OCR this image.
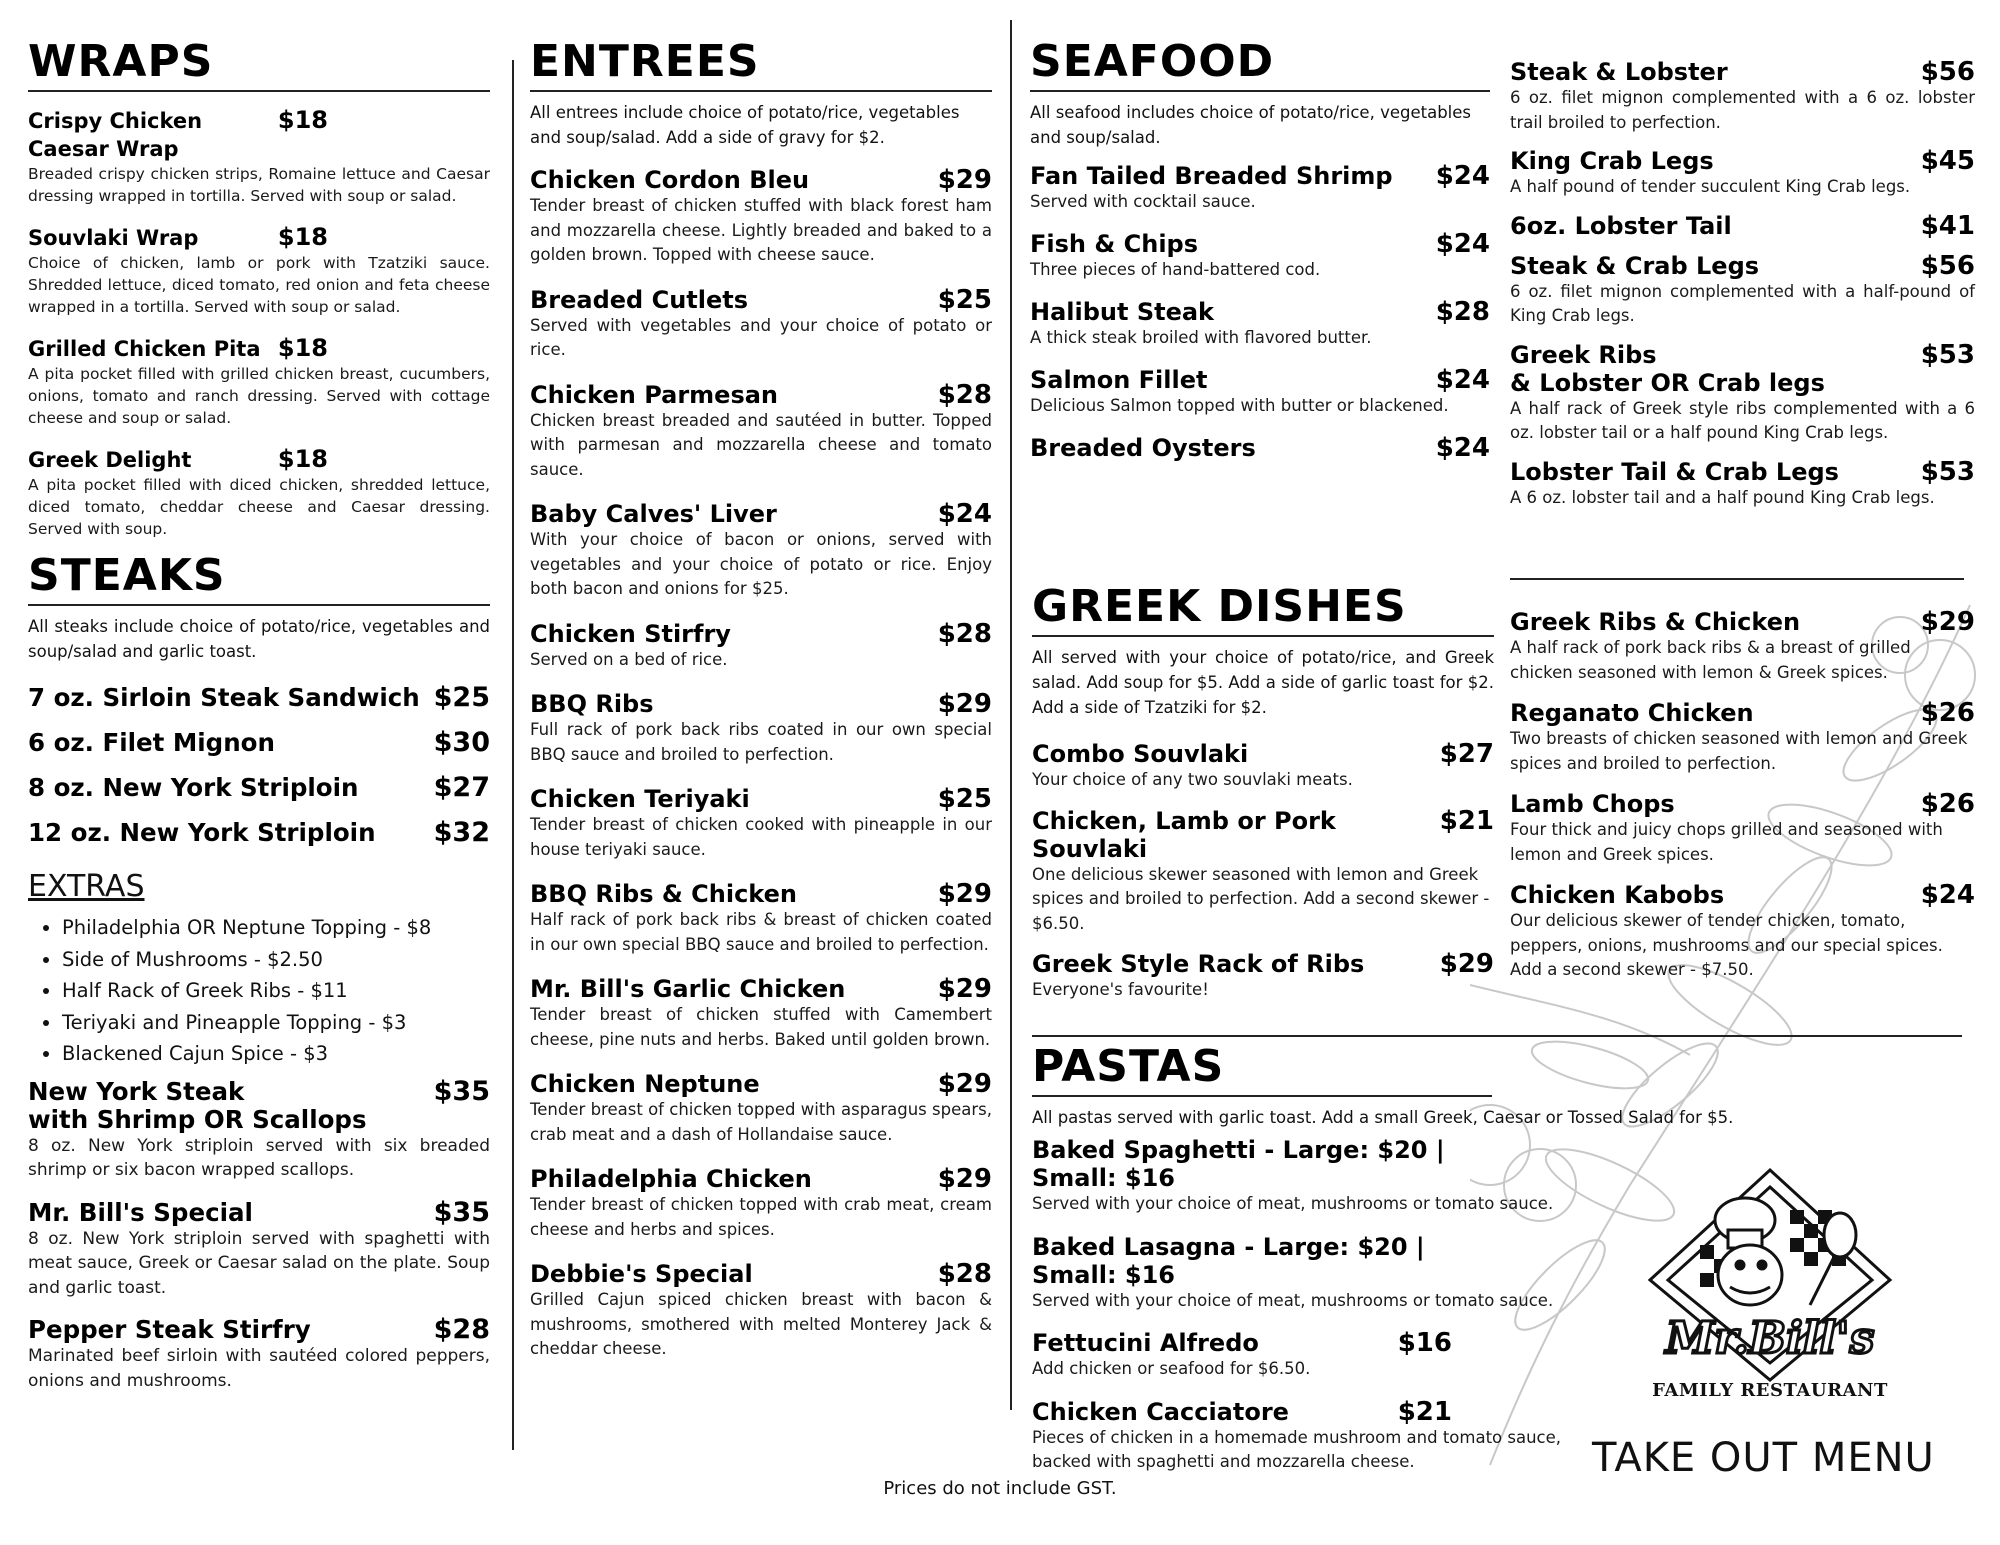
WRAPS
Crispy Chicken Caesar Wrap
$18
Breaded crispy chicken strips, Romaine lettuce and Caesar dressing wrapped in tortilla. Served with soup or salad.
Souvlaki Wrap	$18
Choice of chicken, lamb or pork with Tzatziki sauce. Shredded lettuce, diced tomato, red onion and feta cheese wrapped in a tortilla. Served with soup or salad.
Grilled Chicken Pita $18
A pita pocket filled with grilled chicken breast, cucumbers, onions, tomato and ranch dressing. Served with cottage cheese and soup or salad.
Greek Delight	$18
A pita pocket filled with diced chicken, shredded lettuce, diced tomato, cheddar cheese and Caesar dressing. Served with soup.
STEAKS
All steaks include choice of potato/rice, vegetables and soup/salad and garlic toast.
7 oz. Sirloin Steak Sandwich $25
6 oz. Filet Mignon	$30
8 oz. New York Striploin	$27
12 oz. New York Striploin $32
EXTRAS
• Philadelphia OR Neptune Topping - $8
• Side of Mushrooms - $2.50
• Half Rack of Greek Ribs - $11
• Teriyaki and Pineapple Topping - $3
• Blackened Cajun Spice - $3
New York Steak
with Shrimp OR Scallops
$35
8 oz. New York striploin served with six breaded shrimp or six bacon wrapped scallops.
Mr. Bill's Special	$35
8 oz. New York striploin served with spaghetti with meat sauce, Greek or Caesar salad on the plate. Soup and garlic toast.
Pepper Steak Stirfry	$28
Marinated beef sirloin with sautéed colored peppers, onions and mushrooms.
ENTREES
All entrees include choice of potato/rice, vegetables and soup/salad. Add a side of gravy for $2.
Chicken Cordon Bleu	$29
Tender breast of chicken stuffed with black forest ham and mozzarella cheese. Lightly breaded and baked to a golden brown. Topped with cheese sauce.
Breaded Cutlets	$25
Served with vegetables and your choice of potato or rice.
Chicken Parmesan	$28
Chicken breast breaded and sautéed in butter. Topped with parmesan and mozzarella cheese and tomato sauce.
Baby Calves' Liver	$24
With your choice of bacon or onions, served with vegetables and your choice of potato or rice. Enjoy both bacon and onions for $25.
Chicken Stirfry	$28
Served on a bed of rice.
BBQ Ribs	$29
Full rack of pork back ribs coated in our own special BBQ sauce and broiled to perfection.
Chicken Teriyaki	$25
Tender breast of chicken cooked with pineapple in our house teriyaki sauce.
BBQ Ribs & Chicken	$29
Half rack of pork back ribs & breast of chicken coated in our own special BBQ sauce and broiled to perfection.
Mr. Bill's Garlic Chicken	$29
Tender breast of chicken stuffed with Camembert cheese, pine nuts and herbs. Baked until golden brown.
Chicken Neptune	$29
Tender breast of chicken topped with asparagus spears, crab meat and a dash of Hollandaise sauce.
Philadelphia Chicken	$29
Tender breast of chicken topped with crab meat, cream cheese and herbs and spices.
Debbie's Special	$28
Grilled Cajun spiced chicken breast with bacon & mushrooms, smothered with melted Monterey Jack & cheddar cheese.
SEAFOOD
All seafood includes choice of potato/rice, vegetables and soup/salad.
Fan Tailed Breaded Shrimp $24
Served with cocktail sauce.
Fish & Chips	$24
Three pieces of hand-battered cod.
Halibut Steak	$28
A thick steak broiled with flavored butter.
Salmon Fillet	$24
Delicious Salmon topped with butter or blackened.
Breaded Oysters	$24
Steak & Lobster	$56
6 oz. filet mignon complemented with a 6 oz. lobster trail broiled to perfection.
King Crab Legs	$45
A half pound of tender succulent King Crab legs.
6oz. Lobster Tail	$41
Steak & Crab Legs	$56
6 oz. filet mignon complemented with a half-pound of King Crab legs.
Greek Ribs
& Lobster OR Crab legs
$53
A half rack of Greek style ribs complemented with a 6 oz. lobster tail or a half pound King Crab legs.
Lobster Tail & Crab Legs	$53
A 6 oz. lobster tail and a half pound King Crab legs.
GREEK DISHES
All served with your choice of potato/rice, and Greek salad. Add soup for $5. Add a side of garlic toast for $2. Add a side of Tzatziki for $2.
Combo Souvlaki	$27
Your choice of any two souvlaki meats.
Chicken, Lamb or Pork Souvlaki
$21
One delicious skewer seasoned with lemon and Greek spices and broiled to perfection. Add a second skewer - $6.50.
Greek Style Rack of Ribs	$29
Everyone's favourite!
Greek Ribs & Chicken	$29
A half rack of pork back ribs & a breast of grilled chicken seasoned with lemon & Greek spices.
Reganato Chicken	$26
Two breasts of chicken seasoned with lemon and Greek spices and broiled to perfection.
Lamb Chops	$26
Four thick and juicy chops grilled and seasoned with lemon and Greek spices.
Chicken Kabobs	$24
Our delicious skewer of tender chicken, tomato, peppers, onions, mushrooms and our special spices. Add a second skewer - $7.50.
PASTAS
All pastas served with garlic toast. Add a small Greek, Caesar or Tossed Salad for $5.
Baked Spaghetti - Large: $20 | Small: $16
Served with your choice of meat, mushrooms or tomato sauce.
Baked Lasagna - Large: $20 | Small: $16
Served with your choice of meat, mushrooms or tomato sauce.
Fettucini Alfredo	$16
Add chicken or seafood for $6.50.
Chicken Cacciatore	$21
Pieces of chicken in a homemade mushroom and tomato sauce, backed with spaghetti and mozzarella cheese.
Mr.Bill's
FAMILY RESTAURANT
TAKE OUT MENU
Prices do not include GST.
